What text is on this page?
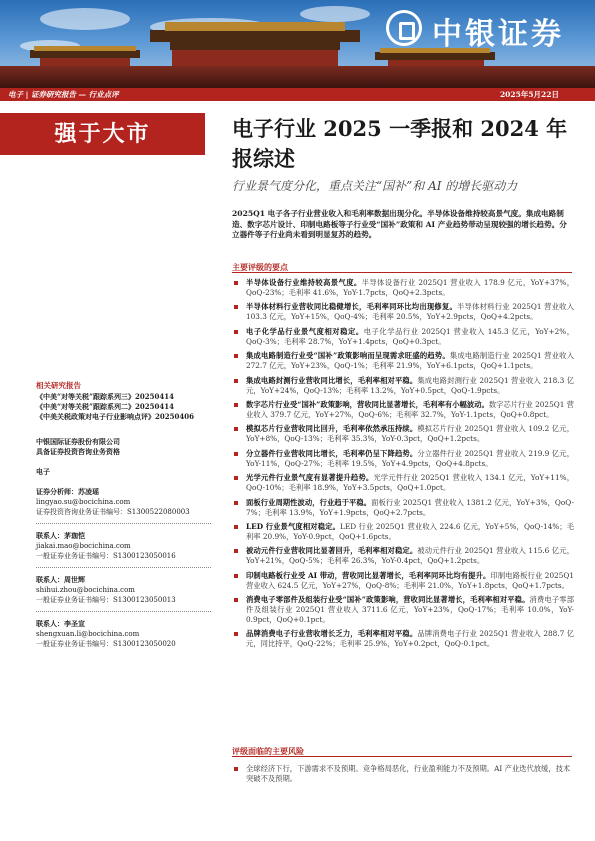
中银证券
电子 | 证券研究报告 — 行业点评	2025年5月22日
强于大市	电子行业 2025 一季报和 2024 年报综述
行业景气度分化，重点关注“国补”和 AI 的增长驱动力
2025Q1 电子各子行业营业收入和毛利率数据出现分化。半导体设备维持较高景气度。集成电路制造、数字芯片设计、印制电路板等子行业受“国补”政策和 AI 产业趋势带动呈现较强的增长趋势。分立器件等子行业尚未看到明显复苏的趋势。
主要评级的要点
半导体设备行业维持较高景气度。半导体设备行业 2025Q1 营业收入 178.9 亿元，YoY+37%，QoQ-23%；毛利率 41.6%，YoY-1.7pcts，QoQ+2.3pcts。
半导体材料行业营收同比稳健增长，毛利率同环比均出现修复。半导体材料行业 2025Q1 营业收入 103.3 亿元，YoY+15%，QoQ-4%；毛利率 20.5%，YoY+2.9pcts，QoQ+4.2pcts。
电子化学品行业景气度相对稳定。电子化学品行业 2025Q1 营业收入 145.3 亿元，YoY+2%，QoQ-3%；毛利率 28.7%，YoY+1.4pcts，QoQ+0.3pct。
集成电路制造行业受“国补”政策影响而呈现需求旺盛的趋势。集成电路制造行业 2025Q1 营业收入 272.7 亿元，YoY+23%，QoQ-1%；毛利率 21.9%，YoY+6.1pcts，QoQ+1.1pcts。
集成电路封测行业营收同比增长，毛利率相对平稳。集成电路封测行业 2025Q1 营业收入 218.3 亿元，YoY+24%，QoQ-13%；毛利率 13.2%，YoY+0.5pct，QoQ-1.9pcts。
数字芯片行业受“国补”政策影响，营收同比显著增长，毛利率有小幅波动。数字芯片行业 2025Q1 营业收入 379.7 亿元，YoY+27%，QoQ-6%；毛利率 32.7%，YoY-1.1pcts，QoQ+0.8pct。
模拟芯片行业营收同比回升，毛利率依然承压持续。模拟芯片行业 2025Q1 营业收入 109.2 亿元，YoY+8%，QoQ-13%；毛利率 35.3%，YoY-0.3pct，QoQ+1.2pcts。
分立器件行业营收同比增长，毛利率仍呈下降趋势。分立器件行业 2025Q1 营业收入 219.9 亿元，YoY-11%，QoQ-27%；毛利率 19.5%，YoY+4.9pcts，QoQ+4.8pcts。
光学元件行业景气度有显著提升趋势。光学元件行业 2025Q1 营业收入 134.1 亿元，YoY+11%，QoQ-10%；毛利率 18.9%，YoY+3.5pcts，QoQ+1.0pct。
面板行业周期性波动，行业趋于平稳。面板行业 2025Q1 营业收入 1381.2 亿元，YoY+3%，QoQ-7%；毛利率 13.9%，YoY+1.9pcts，QoQ+2.7pcts。
LED 行业景气度相对稳定。LED 行业 2025Q1 营业收入 224.6 亿元，YoY+5%，QoQ-14%；毛利率 20.9%，YoY-0.9pct，QoQ+1.6pcts。
被动元件行业营收同比显著回升，毛利率相对稳定。被动元件行业 2025Q1 营业收入 115.6 亿元，YoY+21%，QoQ-5%；毛利率 26.3%，YoY-0.4pct，QoQ+1.2pcts。
印制电路板行业受 AI 带动，营收同比显著增长，毛利率同环比均有提升。印制电路板行业 2025Q1 营业收入 624.5 亿元，YoY+27%，QoQ-8%；毛利率 21.0%，YoY+1.8pcts，QoQ+1.7pcts。
消费电子零部件及组装行业受“国补”政策影响，营收同比显著增长，毛利率相对平稳。消费电子零部件及组装行业 2025Q1 营业收入 3711.6 亿元，YoY+23%，QoQ-17%；毛利率 10.0%，YoY-0.9pct，QoQ+0.1pct。
品牌消费电子行业营收增长乏力，毛利率相对平稳。品牌消费电子行业 2025Q1 营业收入 288.7 亿元，同比持平，QoQ-22%；毛利率 25.9%，YoY+0.2pct，QoQ-0.1pct。
评级面临的主要风险
全球经济下行，下游需求不及预期。竞争格局恶化，行业盈利能力不及预期。AI 产业迭代放缓，技术突破不及预期。
相关研究报告
《中美“对等关税”跟踪系列三》20250414
《中美“对等关税”跟踪系列二》20250414
《中美关税政策对电子行业影响点评》20250406
中银国际证券股份有限公司
具备证券投资咨询业务资格
电子
证券分析师：苏凌瑶
lingyao.su@bocichina.com
证券投资咨询业务证书编号：S1300522080003
联系人：茅珈恺
jiakai.mao@bocichina.com
一般证券业务证书编号：S1300123050016
联系人：周世辉
shihui.zhou@bocichina.com
一般证券业务证书编号：S1300123050013
联系人：李圣宣
shengxuan.li@bocichina.com
一般证券业务证书编号：S1300123050020
